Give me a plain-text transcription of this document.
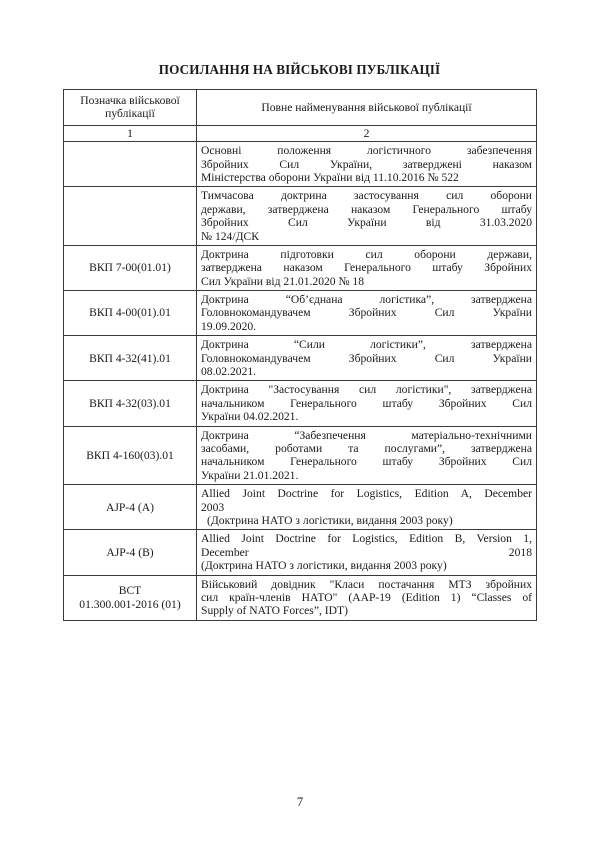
ПОСИЛАННЯ НА ВІЙСЬКОВІ ПУБЛІКАЦІЇ
Позначка військової публікації	Повне найменування військової публікації
1	2

	Основні положення логістичного забезпечення
Збройних Сил України, затверджені наказом
Міністерства оборони України від 11.10.2016 № 522

	Тимчасова доктрина застосування сил оборони
держави, затверджена наказом Генерального штабу
Збройних Сил України від 31.03.2020
№ 124/ДСК

ВКП 7-00(01.01)	Доктрина підготовки сил оборони держави,
затверджена наказом Генерального штабу Збройних
Сил України від 21.01.2020 № 18

ВКП 4-00(01).01	Доктрина “Об’єднана логістика”, затверджена
Головнокомандувачем Збройних Сил України
19.09.2020.

ВКП 4-32(41).01	Доктрина “Сили логістики”, затверджена
Головнокомандувачем Збройних Сил України
08.02.2021.

ВКП 4-32(03).01	Доктрина "Застосування сил логістики", затверджена
начальником Генерального штабу Збройних Сил
України 04.02.2021.

ВКП 4-160(03).01	Доктрина “Забезпечення матеріально-технічними
засобами, роботами та послугами”, затверджена
начальником Генерального штабу Збройних Сил
України 21.01.2021.

AJP-4 (A)	Allied Joint Doctrine for Logistics, Edition A, December
2003
(Доктрина НАТО з логістики, видання 2003 року)

AJP-4 (B)	Allied Joint Doctrine for Logistics, Edition B, Version 1,
December 2018
(Доктрина НАТО з логістики, видання 2003 року)

ВСТ
01.300.001-2016 (01)	Військовий довідник "Класи постачання МТЗ збройних
сил країн-членів НАТО" (AAP-19 (Edition 1) “Classes of
Supply of NATO Forces”, IDT)
7
